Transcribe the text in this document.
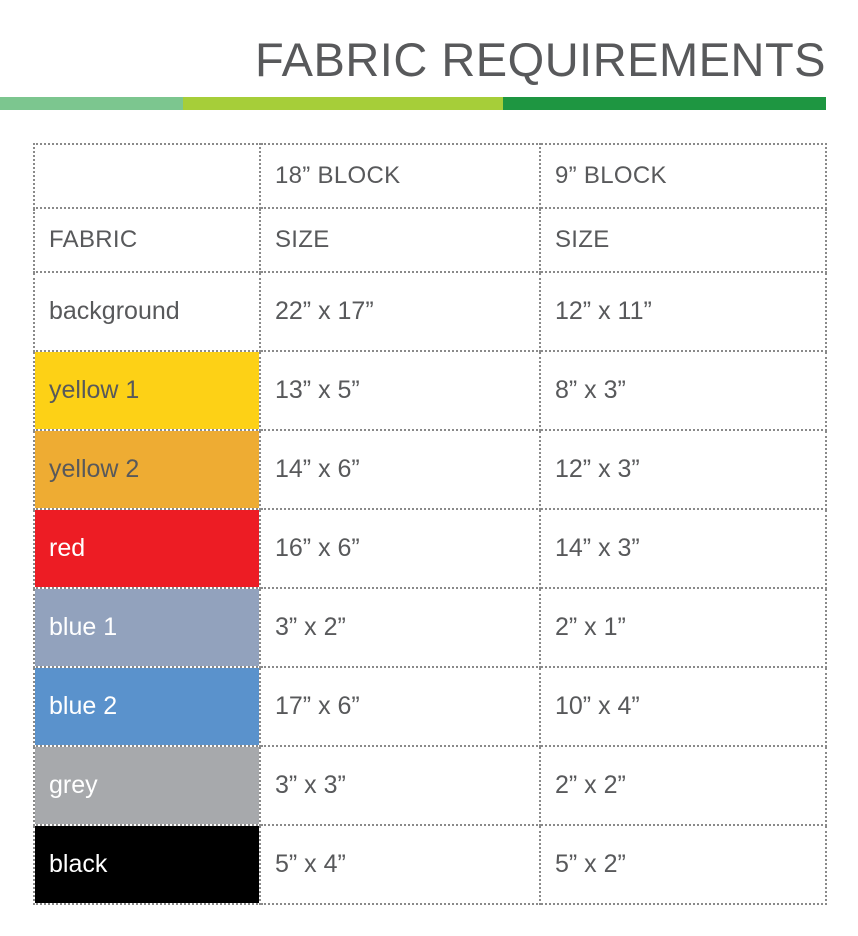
FABRIC REQUIREMENTS

	18” BLOCK	9” BLOCK

FABRIC	SIZE	SIZE

background	22” x 17”	12” x 11”

yellow 1	13” x 5”	8” x 3”

yellow 2	14” x 6”	12” x 3”

red	16” x 6”	14” x 3”

blue 1	3” x 2”	2” x 1”

blue 2	17” x 6”	10” x 4”

grey	3” x 3”	2” x 2”

black	5” x 4”	5” x 2”
